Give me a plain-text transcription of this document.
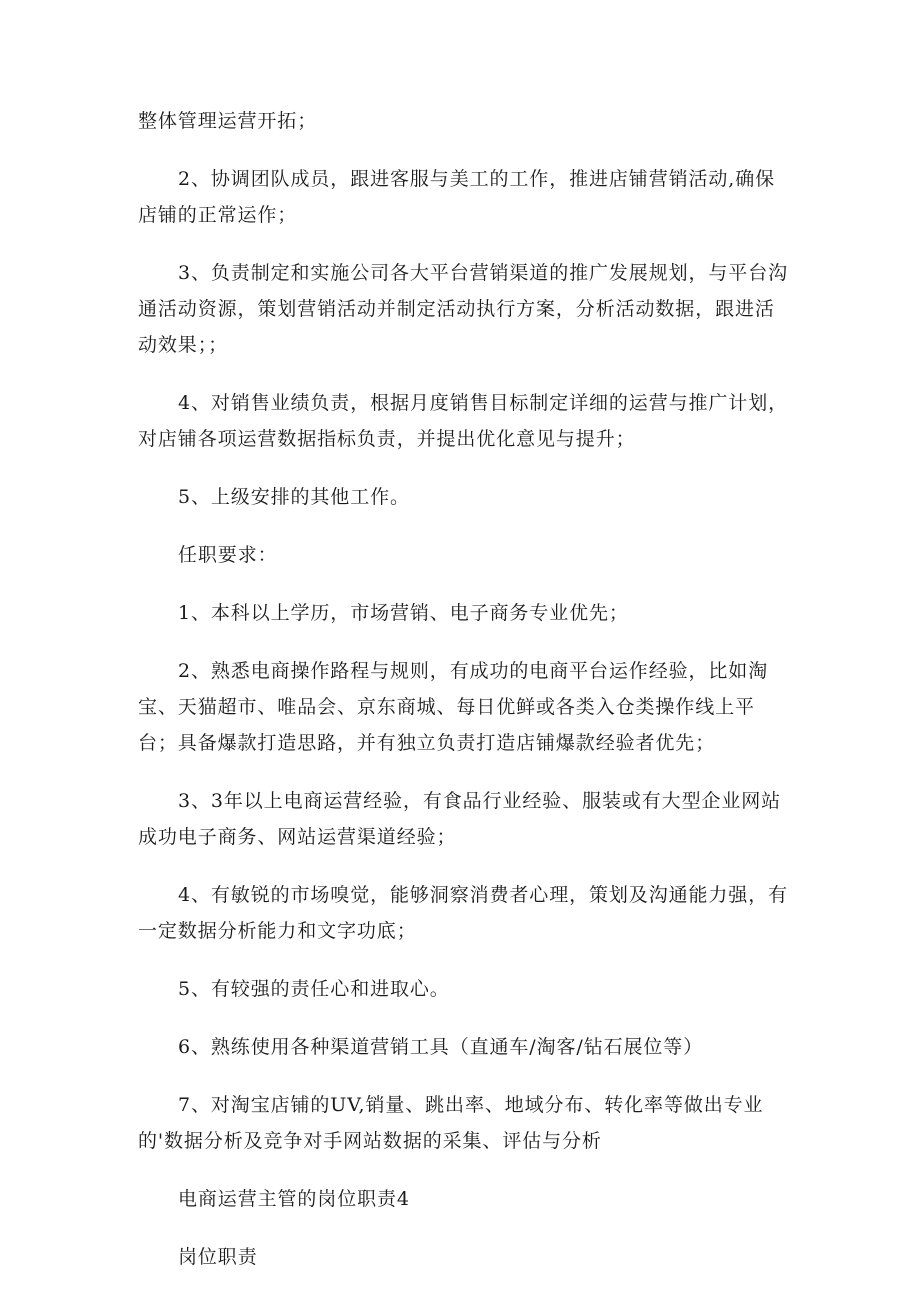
整体管理运营开拓；

2、协调团队成员，跟进客服与美工的工作，推进店铺营销活动,确保店铺的正常运作；

3、负责制定和实施公司各大平台营销渠道的推广发展规划，与平台沟通活动资源，策划营销活动并制定活动执行方案，分析活动数据，跟进活动效果；；

4、对销售业绩负责，根据月度销售目标制定详细的运营与推广计划，对店铺各项运营数据指标负责，并提出优化意见与提升；

5、上级安排的其他工作。

任职要求：

1、本科以上学历，市场营销、电子商务专业优先；

2、熟悉电商操作路程与规则，有成功的电商平台运作经验，比如淘宝、天猫超市、唯品会、京东商城、每日优鲜或各类入仓类操作线上平台；具备爆款打造思路，并有独立负责打造店铺爆款经验者优先；

3、3年以上电商运营经验，有食品行业经验、服装或有大型企业网站成功电子商务、网站运营渠道经验；

4、有敏锐的市场嗅觉，能够洞察消费者心理，策划及沟通能力强，有一定数据分析能力和文字功底；

5、有较强的责任心和进取心。

6、熟练使用各种渠道营销工具（直通车/淘客/钻石展位等）

7、对淘宝店铺的UV,销量、跳出率、地域分布、转化率等做出专业的'数据分析及竞争对手网站数据的采集、评估与分析

电商运营主管的岗位职责4

岗位职责
